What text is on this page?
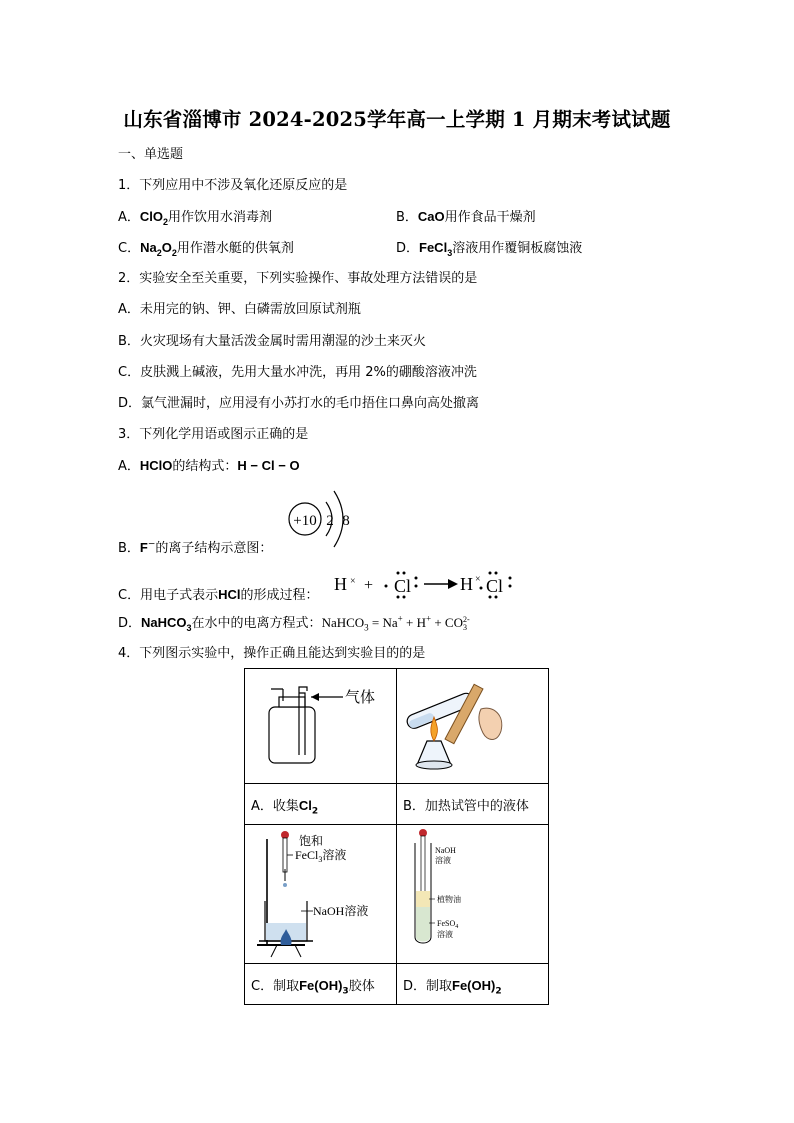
山东省淄博市 2024-2025学年高一上学期 1 月期末考试试题
一、单选题
1．下列应用中不涉及氧化还原反应的是
A．ClO$_2$用作饮用水消毒剂	B．CaO用作食品干燥剂
C．$Na_2O_2$用作潜水艇的供氧剂	D．FeCl$_3$溶液用作覆铜板腐蚀液
2．实验安全至关重要，下列实验操作、事故处理方法错误的是
A．未用完的钠、钾、白磷需放回原试剂瓶
B．火灾现场有大量活泼金属时需用潮湿的沙土来灭火
C．皮肤溅上碱液，先用大量水冲洗，再用 2%的硼酸溶液冲洗
D．氯气泄漏时，应用浸有小苏打水的毛巾捂住口鼻向高处撤离
3．下列化学用语或图示正确的是
A．HClO的结构式：H − Cl − O
B．F−的离子结构示意图：
+10 2 8
C．用电子式表示HCl的形成过程：
H × + Cl	H × Cl
D．NaHCO$_3$在水中的电离方程式：NaHCO$_3$ = Na+ + H+ + CO 2-
3
4．下列图示实验中，操作正确且能达到实验目的的是
气体

A．收集$Cl_2$	B．加热试管中的液体

饱和
FeCl$_3$溶液
NaOH溶液	NaOH
溶液
植物油
FeSO$_4$
溶液

C．制取$Fe(OH)_3$胶体	D．制取$Fe(OH)_2$
